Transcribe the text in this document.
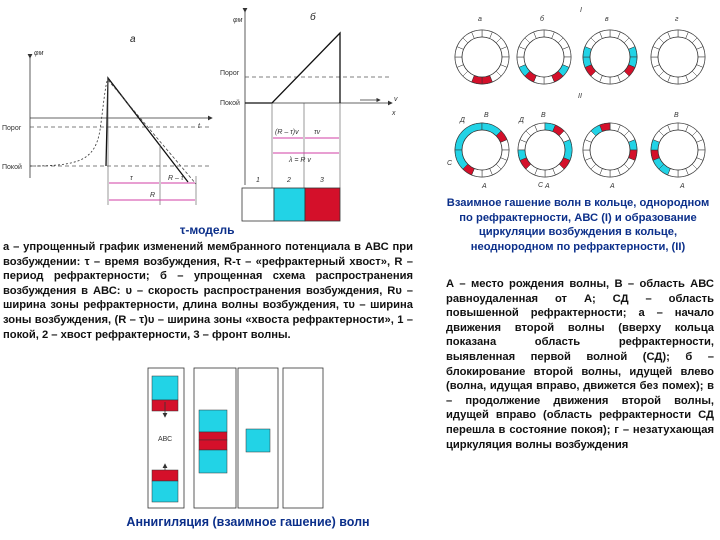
φм
а
t
Порог
Покой
τ	R – τ
R
φм	б
x
v
Порог
Покой
(R – τ)v τv
λ = R v
1	2	3
АВС
I
II
а	б	в	г
В
Д
С
А
В
Д
С А	А
В
А
τ-модель
а – упрощенный график изменений мембранного потенциала в АВС при возбуждении: τ – время возбуждения, R-τ – «рефрактерный хвост», R – период рефрактерности; б – упрощенная схема распространения возбуждения в АВС: υ – скорость распространения возбуждения, Rυ – ширина зоны рефрактерности, длина волны возбуждения, τυ – ширина зоны возбуждения, (R – τ)υ – ширина зоны «хвоста рефрактерности», 1 – покой, 2 – хвост рефрактерности, 3 – фронт волны.
Аннигиляция (взаимное гашение) волн
Взаимное гашение волн в кольце, однородном по рефрактерности, АВС (I) и образование циркуляции возбуждения в кольце, неоднородном по рефрактерности, (II)
А – место рождения волны, В – область АВС равноудаленная от А; СД – область повышенной рефрактерности; а – начало движения второй волны (вверху кольца показана область рефрактерности, выявленная первой волной (СД); б – блокирование второй волны, идущей влево (волна, идущая вправо, движется без помех); в – продолжение движения второй волны, идущей вправо (область рефрактерности СД перешла в состояние покоя); г – незатухающая циркуляция волны возбуждения
